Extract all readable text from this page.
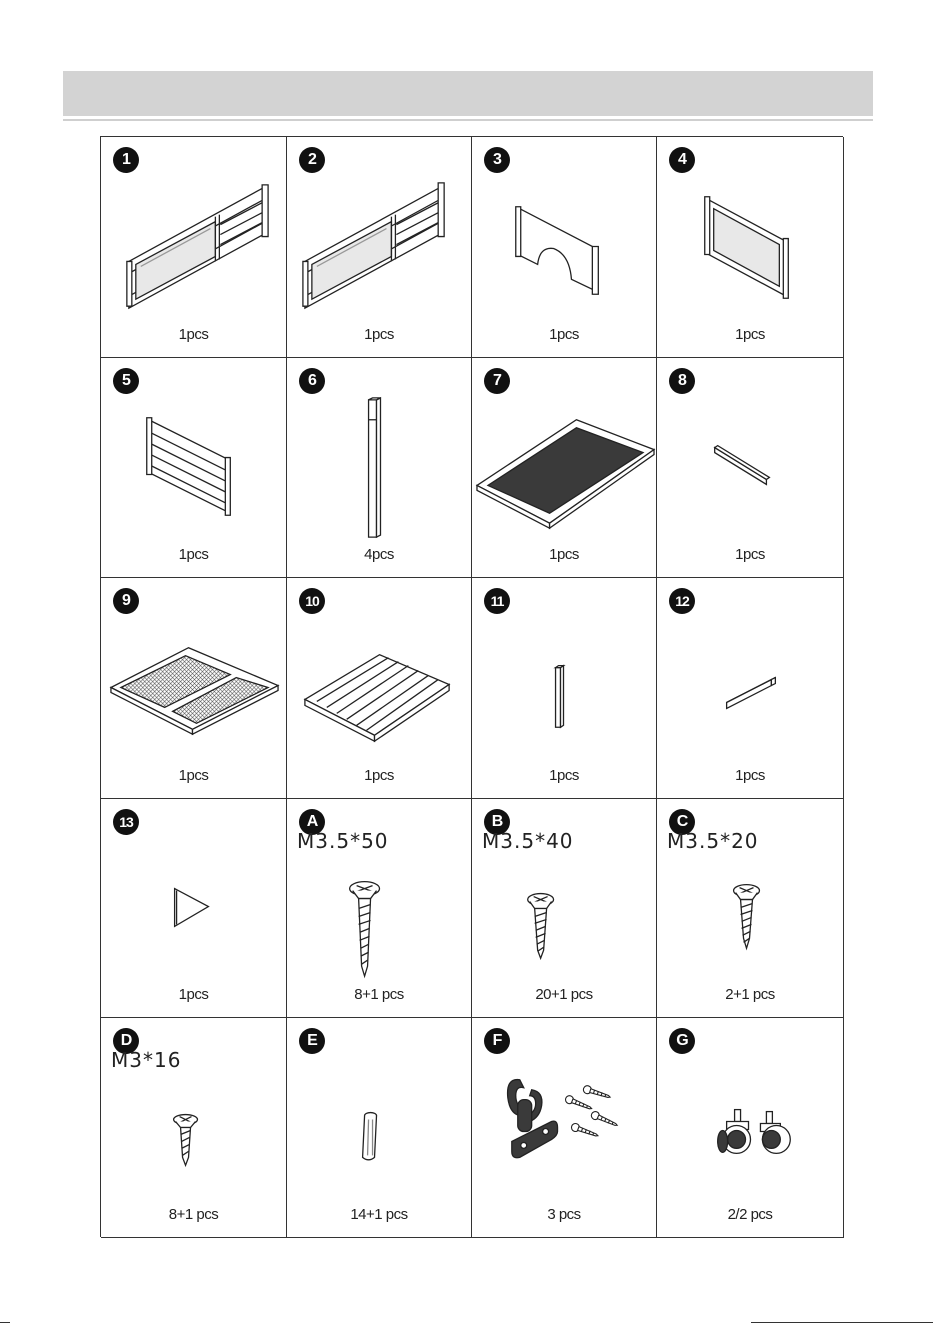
1
1pcs
2
1pcs
3
1pcs
4
1pcs
5
1pcs
6
4pcs
7
1pcs
8
1pcs
9
1pcs
10
1pcs
11
1pcs
12
1pcs
13
1pcs
A
M3.5*50
8+1 pcs
B
M3.5*40
20+1 pcs
C
M3.5*20
2+1 pcs
D
M3*16
8+1 pcs
E
14+1 pcs
F
3 pcs
G
2/2 pcs
